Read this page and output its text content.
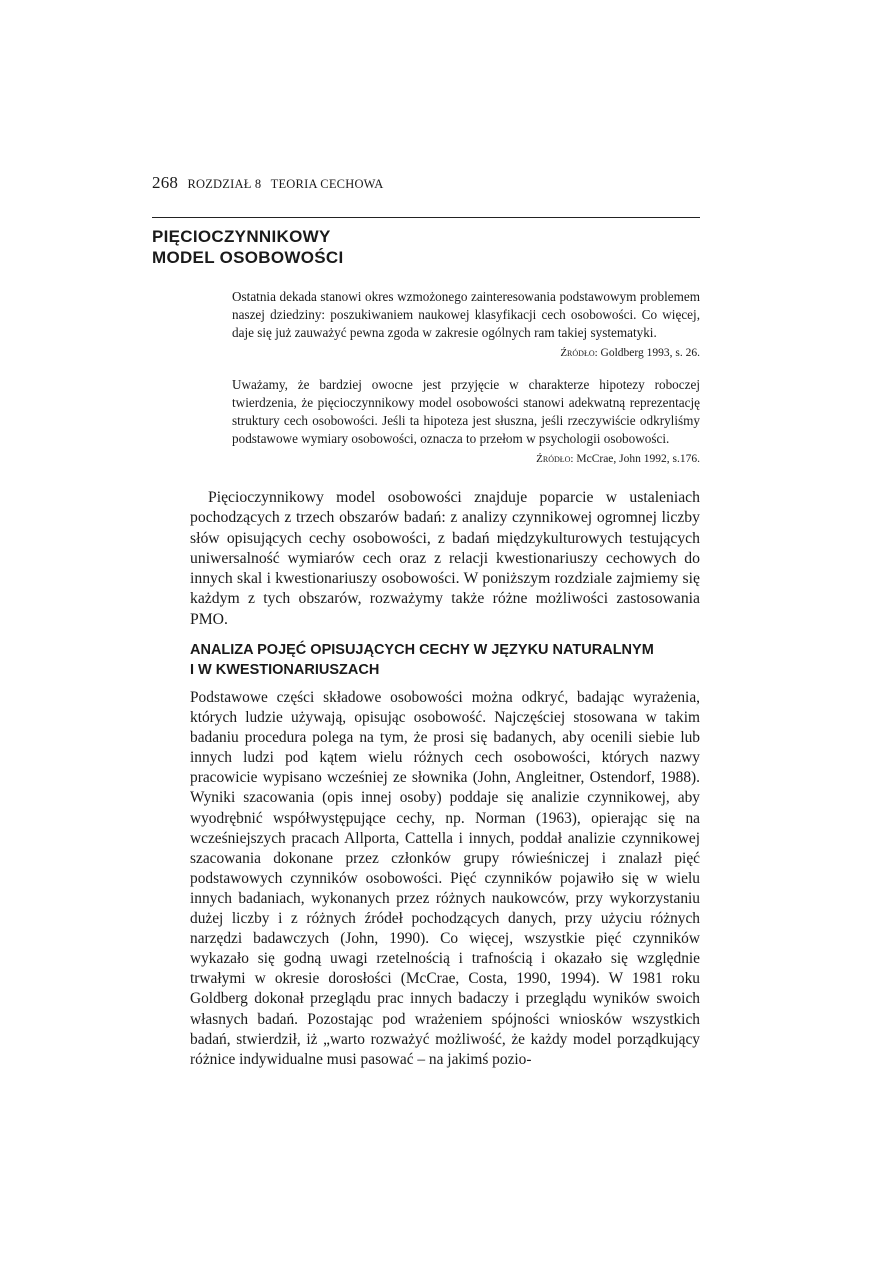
268 ROZDZIAŁ 8 TEORIA CECHOWA
PIĘCIOCZYNNIKOWY
MODEL OSOBOWOŚCI

Ostatnia dekada stanowi okres wzmożonego zainteresowania podstawowym problemem naszej dziedziny: poszukiwaniem naukowej klasyfikacji cech osobowości. Co więcej, daje się już zauważyć pewna zgoda w zakresie ogólnych ram takiej systematyki.

Źródło: Goldberg 1993, s. 26.

Uważamy, że bardziej owocne jest przyjęcie w charakterze hipotezy roboczej twierdzenia, że pięcioczynnikowy model osobowości stanowi adekwatną reprezentację struktury cech osobowości. Jeśli ta hipoteza jest słuszna, jeśli rzeczywiście odkryliśmy podstawowe wymiary osobowości, oznacza to przełom w psychologii osobowości.

Źródło: McCrae, John 1992, s.176.

Pięcioczynnikowy model osobowości znajduje poparcie w ustaleniach pochodzących z trzech obszarów badań: z analizy czynnikowej ogromnej liczby słów opisujących cechy osobowości, z badań międzykulturowych testujących uniwersalność wymiarów cech oraz z relacji kwestionariuszy cechowych do innych skal i kwestionariuszy osobowości. W poniższym rozdziale zajmiemy się każdym z tych obszarów, rozważymy także różne możliwości zastosowania PMO.

ANALIZA POJĘĆ OPISUJĄCYCH CECHY W JĘZYKU NATURALNYM
I W KWESTIONARIUSZACH

Podstawowe części składowe osobowości można odkryć, badając wyrażenia, których ludzie używają, opisując osobowość. Najczęściej stosowana w takim badaniu procedura polega na tym, że prosi się badanych, aby ocenili siebie lub innych ludzi pod kątem wielu różnych cech osobowości, których nazwy pracowicie wypisano wcześniej ze słownika (John, Angleitner, Ostendorf, 1988). Wyniki szacowania (opis innej osoby) poddaje się analizie czynnikowej, aby wyodrębnić współwystępujące cechy, np. Norman (1963), opierając się na wcześniejszych pracach Allporta, Cattella i innych, poddał analizie czynnikowej szacowania dokonane przez członków grupy rówieśniczej i znalazł pięć podstawowych czynników osobowości. Pięć czynników pojawiło się w wielu innych badaniach, wykonanych przez różnych naukowców, przy wykorzystaniu dużej liczby i z różnych źródeł pochodzących danych, przy użyciu różnych narzędzi badawczych (John, 1990). Co więcej, wszystkie pięć czynników wykazało się godną uwagi rzetelnością i trafnością i okazało się względnie trwałymi w okresie dorosłości (McCrae, Costa, 1990, 1994). W 1981 roku Goldberg dokonał przeglądu prac innych badaczy i przeglądu wyników swoich własnych badań. Pozostając pod wrażeniem spójności wniosków wszystkich badań, stwierdził, iż „warto rozważyć możliwość, że każdy model porządkujący różnice indywidualne musi pasować – na jakimś pozio-
